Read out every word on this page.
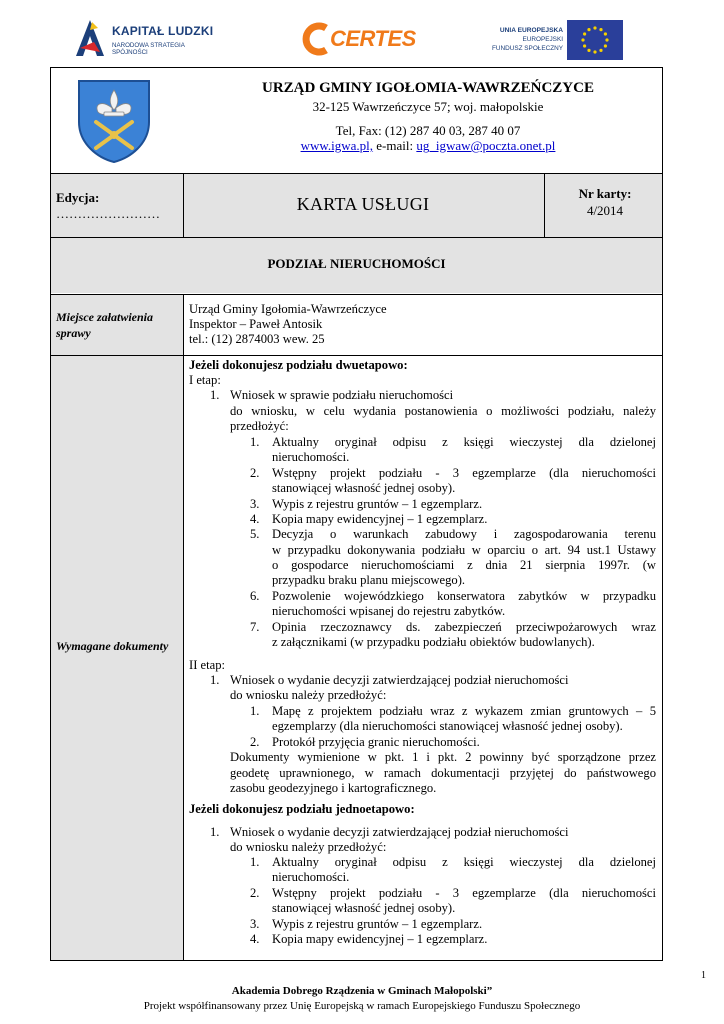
KAPITAŁ LUDZKI
NARODOWA STRATEGIA SPÓJNOŚCI
CERTES	UNIA EUROPEJSKA
EUROPEJSKI
FUNDUSZ SPOŁECZNY
URZĄD GMINY IGOŁOMIA-WAWRZEŃCZYCE
32-125 Wawrzeńczyce 57; woj. małopolskie
Tel, Fax: (12) 287 40 03, 287 40 07
www.igwa.pl, e-mail: ug_igwaw@poczta.onet.pl
Edycja:
……………………	KARTA USŁUGI
Nr karty:
4/2014
PODZIAŁ NIERUCHOMOŚCI
Miejsce załatwienia sprawy
Urząd Gminy Igołomia-Wawrzeńczyce
Inspektor – Paweł Antosik
tel.: (12) 2874003 wew. 25
Wymagane dokumenty
Jeżeli dokonujesz podziału dwuetapowo:
I etap:
1. Wniosek w sprawie podziału nieruchomości
do wniosku, w celu wydania postanowienia o możliwości podziału, należy
przedłożyć:
1. Aktualny oryginał odpisu z księgi wieczystej dla dzielonej
nieruchomości.
2. Wstępny projekt podziału - 3 egzemplarze (dla nieruchomości
stanowiącej własność jednej osoby).
3. Wypis z rejestru gruntów – 1 egzemplarz.
4. Kopia mapy ewidencyjnej – 1 egzemplarz.
5. Decyzja o warunkach zabudowy i zagospodarowania terenu
w przypadku dokonywania podziału w oparciu o art. 94 ust.1 Ustawy
o gospodarce nieruchomościami z dnia 21 sierpnia 1997r. (w
przypadku braku planu miejscowego).
6. Pozwolenie wojewódzkiego konserwatora zabytków w przypadku
nieruchomości wpisanej do rejestru zabytków.
7. Opinia rzeczoznawcy ds. zabezpieczeń przeciwpożarowych wraz
z załącznikami (w przypadku podziału obiektów budowlanych).
II etap:
1. Wniosek o wydanie decyzji zatwierdzającej podział nieruchomości
do wniosku należy przedłożyć:
1. Mapę z projektem podziału wraz z wykazem zmian gruntowych – 5
egzemplarzy (dla nieruchomości stanowiącej własność jednej osoby).
2. Protokół przyjęcia granic nieruchomości.
Dokumenty wymienione w pkt. 1 i pkt. 2 powinny być sporządzone przez
geodetę uprawnionego, w ramach dokumentacji przyjętej do państwowego
zasobu geodezyjnego i kartograficznego.
Jeżeli dokonujesz podziału jednoetapowo:
1. Wniosek o wydanie decyzji zatwierdzającej podział nieruchomości
do wniosku należy przedłożyć:
1. Aktualny oryginał odpisu z księgi wieczystej dla dzielonej
nieruchomości.
2. Wstępny projekt podziału - 3 egzemplarze (dla nieruchomości
stanowiącej własność jednej osoby).
3. Wypis z rejestru gruntów – 1 egzemplarz.
4. Kopia mapy ewidencyjnej – 1 egzemplarz.
1
Akademia Dobrego Rządzenia w Gminach Małopolski”
Projekt współfinansowany przez Unię Europejską w ramach Europejskiego Funduszu Społecznego
